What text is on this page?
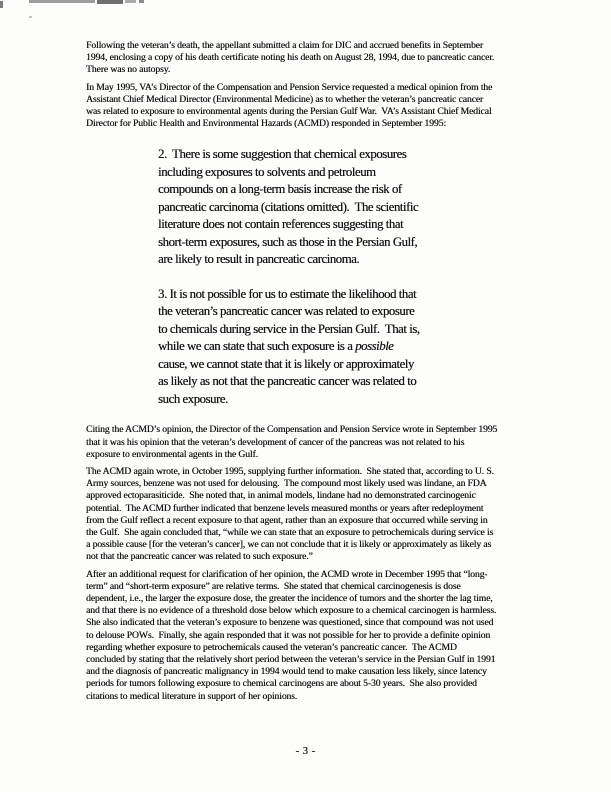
Following the veteran’s death, the appellant submitted a claim for DIC and accrued benefits in September
1994, enclosing a copy of his death certificate noting his death on August 28, 1994, due to pancreatic cancer.
There was no autopsy.
In May 1995, VA’s Director of the Compensation and Pension Service requested a medical opinion from the
Assistant Chief Medical Director (Environmental Medicine) as to whether the veteran’s pancreatic cancer
was related to exposure to environmental agents during the Persian Gulf War.  VA’s Assistant Chief Medical
Director for Public Health and Environmental Hazards (ACMD) responded in September 1995:
2.  There is some suggestion that chemical exposures
including exposures to solvents and petroleum
compounds on a long-term basis increase the risk of
pancreatic carcinoma (citations omitted).  The scientific
literature does not contain references suggesting that
short-term exposures, such as those in the Persian Gulf,
are likely to result in pancreatic carcinoma.
3. It is not possible for us to estimate the likelihood that
the veteran’s pancreatic cancer was related to exposure
to chemicals during service in the Persian Gulf.  That is,
while we can state that such exposure is a possible
cause, we cannot state that it is likely or approximately
as likely as not that the pancreatic cancer was related to
such exposure.
Citing the ACMD’s opinion, the Director of the Compensation and Pension Service wrote in September 1995
that it was his opinion that the veteran’s development of cancer of the pancreas was not related to his
exposure to environmental agents in the Gulf.
The ACMD again wrote, in October 1995, supplying further information.  She stated that, according to U. S.
Army sources, benzene was not used for delousing.  The compound most likely used was lindane, an FDA
approved ectoparasiticide.  She noted that, in animal models, lindane had no demonstrated carcinogenic
potential.  The ACMD further indicated that benzene levels measured months or years after redeployment
from the Gulf reflect a recent exposure to that agent, rather than an exposure that occurred while serving in
the Gulf.  She again concluded that, “while we can state that an exposure to petrochemicals during service is
a possible cause [for the veteran’s cancer], we can not conclude that it is likely or approximately as likely as
not that the pancreatic cancer was related to such exposure.”
After an additional request for clarification of her opinion, the ACMD wrote in December 1995 that “long-
term” and “short-term exposure” are relative terms.  She stated that chemical carcinogenesis is dose
dependent, i.e., the larger the exposure dose, the greater the incidence of tumors and the shorter the lag time,
and that there is no evidence of a threshold dose below which exposure to a chemical carcinogen is harmless.
She also indicated that the veteran’s exposure to benzene was questioned, since that compound was not used
to delouse POWs.  Finally, she again responded that it was not possible for her to provide a definite opinion
regarding whether exposure to petrochemicals caused the veteran’s pancreatic cancer.  The ACMD
concluded by stating that the relatively short period between the veteran’s service in the Persian Gulf in 1991
and the diagnosis of pancreatic malignancy in 1994 would tend to make causation less likely, since latency
periods for tumors following exposure to chemical carcinogens are about 5-30 years.  She also provided
citations to medical literature in support of her opinions.
- 3 -
